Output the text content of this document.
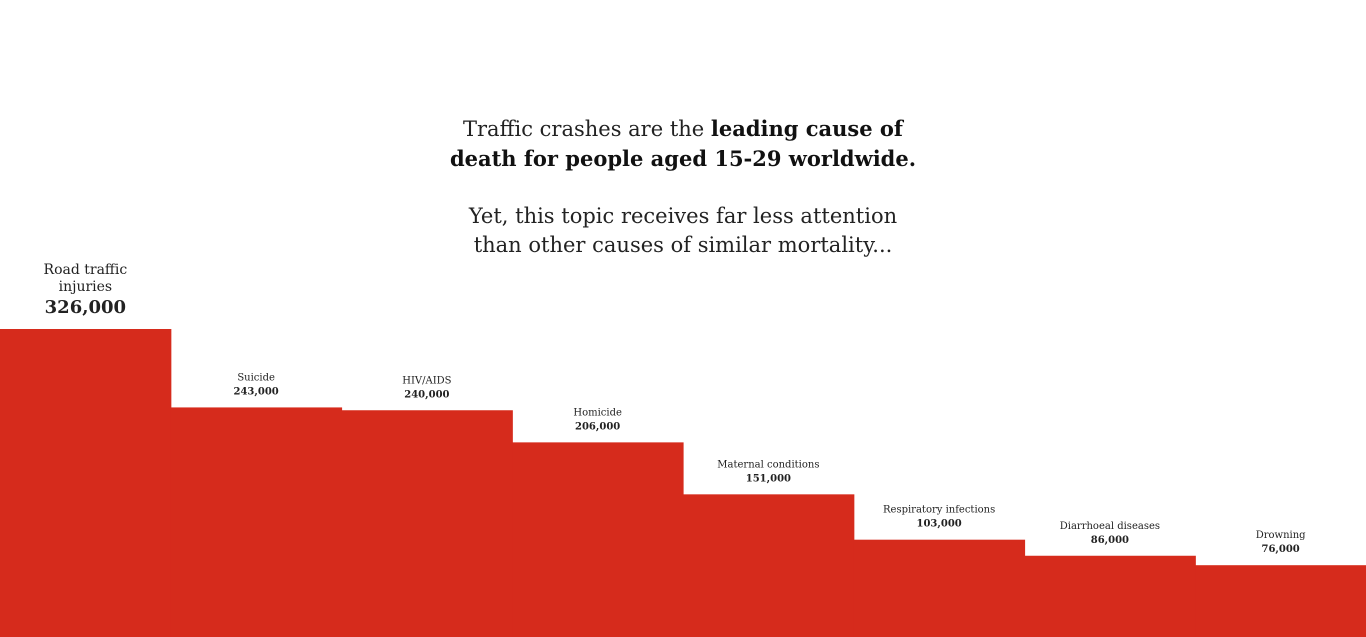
Traffic crashes are the leading cause of

death for people aged 15-29 worldwide.

Yet, this topic receives far less attention

than other causes of similar mortality...

Road traffic
injuries
326,000
Suicide
243,000
HIV/AIDS
240,000
Homicide
206,000
Maternal conditions
151,000
Respiratory infections
103,000	Diarrhoeal diseases
86,000	Drowning
76,000
